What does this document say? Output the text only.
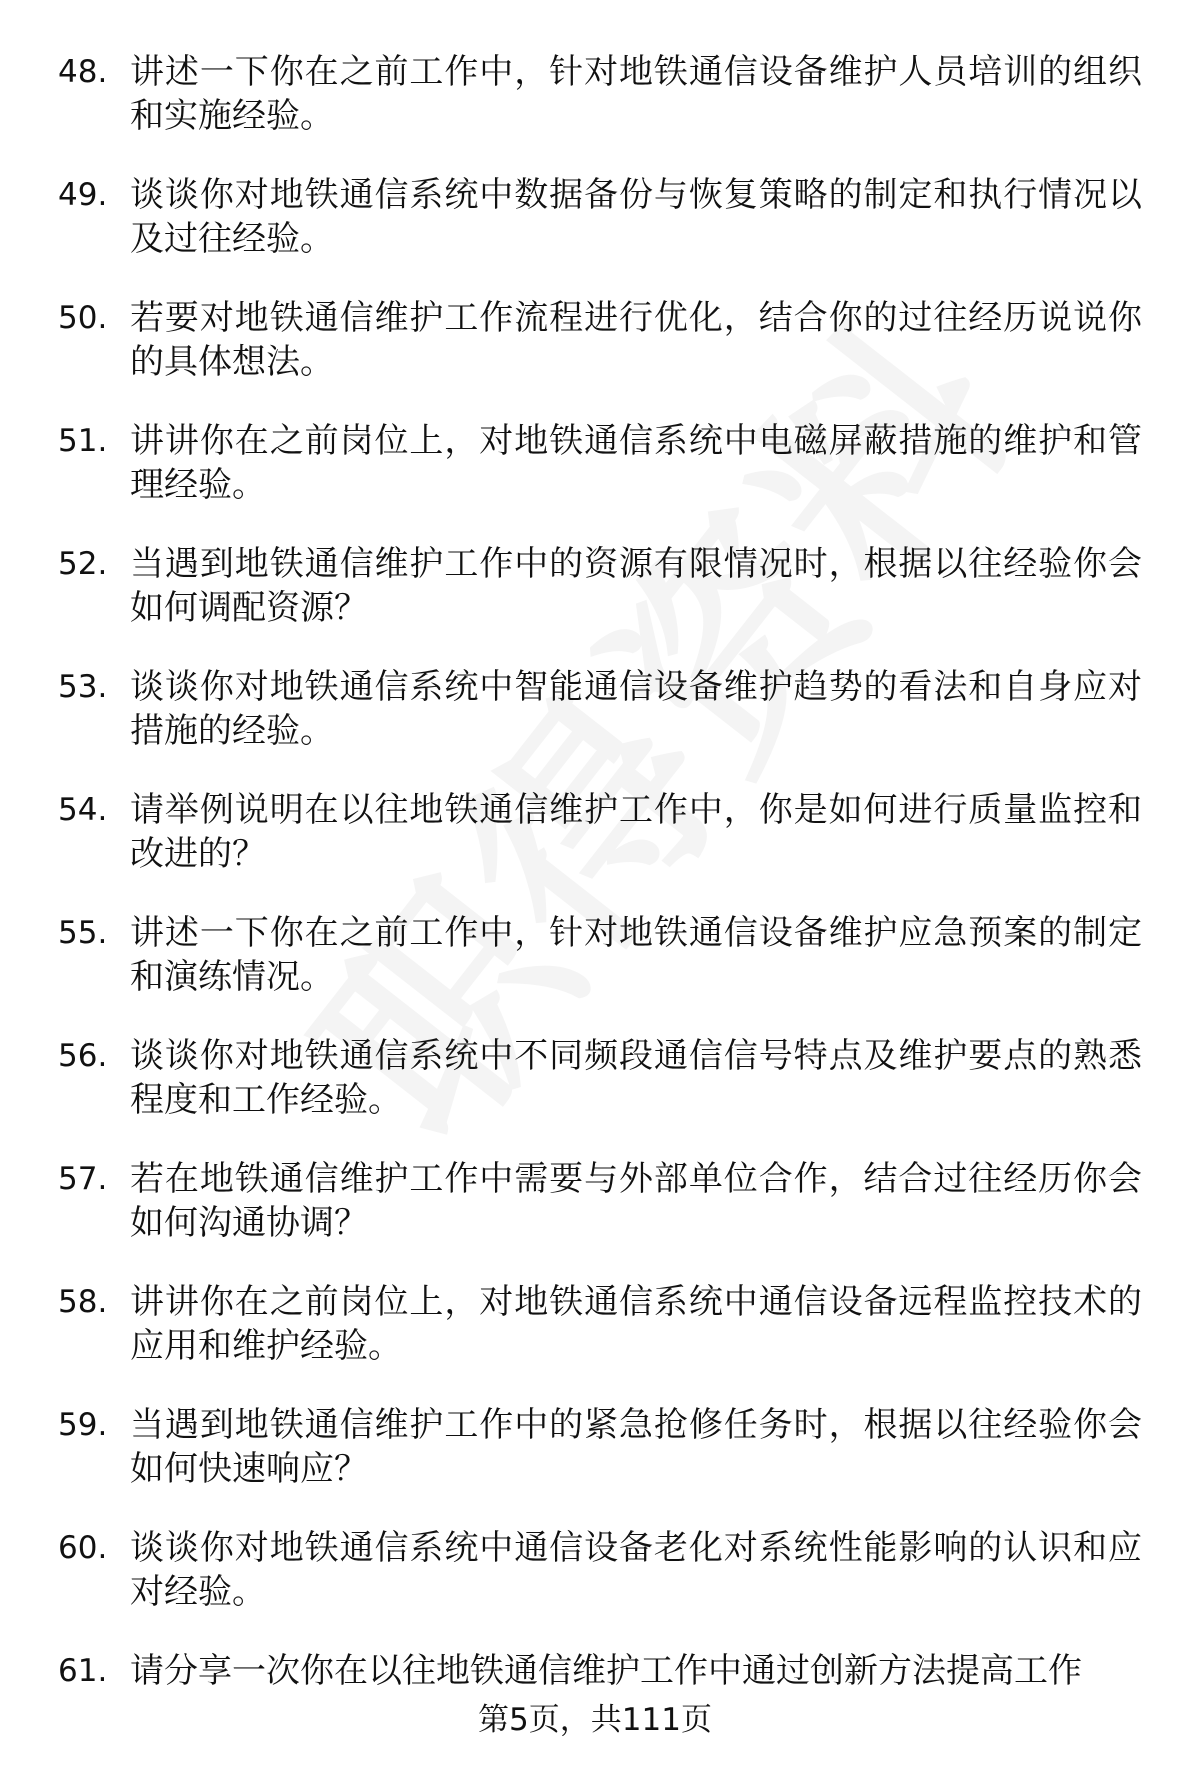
48. 讲述一下你在之前工作中，针对地铁通信设备维护人员培训的组织和实施经验。
49. 谈谈你对地铁通信系统中数据备份与恢复策略的制定和执行情况以及过往经验。
50. 若要对地铁通信维护工作流程进行优化，结合你的过往经历说说你的具体想法。
51. 讲讲你在之前岗位上，对地铁通信系统中电磁屏蔽措施的维护和管理经验。
52. 当遇到地铁通信维护工作中的资源有限情况时，根据以往经验你会如何调配资源？
53. 谈谈你对地铁通信系统中智能通信设备维护趋势的看法和自身应对措施的经验。
54. 请举例说明在以往地铁通信维护工作中，你是如何进行质量监控和改进的？
55. 讲述一下你在之前工作中，针对地铁通信设备维护应急预案的制定和演练情况。
56. 谈谈你对地铁通信系统中不同频段通信信号特点及维护要点的熟悉程度和工作经验。
57. 若在地铁通信维护工作中需要与外部单位合作，结合过往经历你会如何沟通协调？
58. 讲讲你在之前岗位上，对地铁通信系统中通信设备远程监控技术的应用和维护经验。
59. 当遇到地铁通信维护工作中的紧急抢修任务时，根据以往经验你会如何快速响应？
60. 谈谈你对地铁通信系统中通信设备老化对系统性能影响的认识和应对经验。
61. 请分享一次你在以往地铁通信维护工作中通过创新方法提高工作
第5页，共111页
